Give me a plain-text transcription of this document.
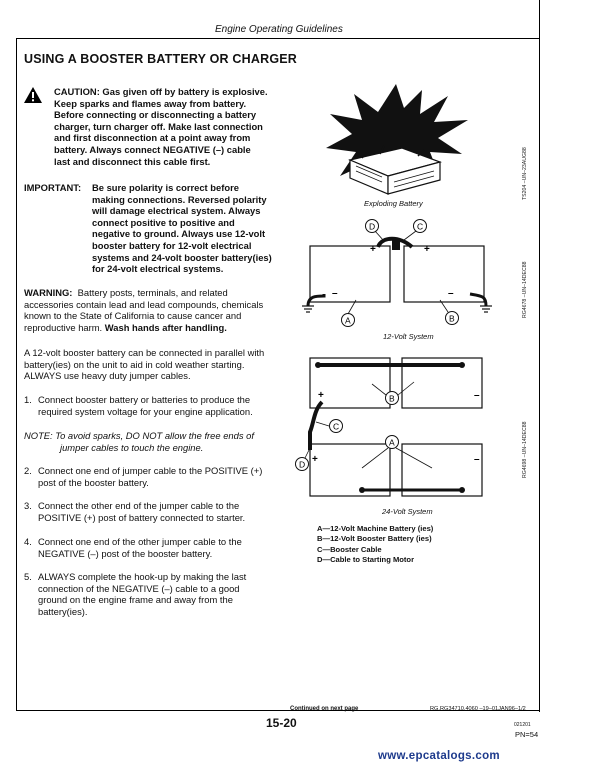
Engine Operating Guidelines
USING A BOOSTER BATTERY OR CHARGER
CAUTION: Gas given off by battery is explosive.
Keep sparks and flames away from battery.
Before connecting or disconnecting a battery
charger, turn charger off. Make last connection
and first disconnection at a point away from
battery. Always connect NEGATIVE (–) cable
last and disconnect this cable first.
IMPORTANT: Be sure polarity is correct before
making connections. Reversed polarity
will damage electrical system. Always
connect positive to positive and
negative to ground. Always use 12-volt
booster battery for 12-volt electrical
systems and 24-volt booster battery(ies)
for 24-volt electrical systems.
WARNING: Battery posts, terminals, and related
accessories contain lead and lead compounds, chemicals
known to the State of California to cause cancer and
reproductive harm. Wash hands after handling.
A 12-volt booster battery can be connected in parallel with
battery(ies) on the unit to aid in cold weather starting.
ALWAYS use heavy duty jumper cables.
1. Connect booster battery or batteries to produce the
required system voltage for your engine application.
NOTE: To avoid sparks, DO NOT allow the free ends of
jumper cables to touch the engine.
2. Connect one end of jumper cable to the POSITIVE (+)
post of the booster battery.
3. Connect the other end of the jumper cable to the
POSITIVE (+) post of battery connected to starter.
4. Connect one end of the other jumper cable to the
NEGATIVE (–) post of the booster battery.
5. ALWAYS complete the hook-up by making the last
connection of the NEGATIVE (–) cable to a good
ground on the engine frame and away from the
battery(ies).
Exploding Battery
+	+
–	–
D	C
A	B
12-Volt System
+
+
–
–
B
C
A
D
24-Volt System
TS204 –UN–23AUG88
RG4678 –UN–14DEC88
RG4698 –UN–14DEC88
A—12-Volt Machine Battery (ies)
B—12-Volt Booster Battery (ies)
C—Booster Cable
D—Cable to Starting Motor
Continued on next page	RG,RG34710,4060 –19–01JAN96–1/2
15-20	021201
PN=54
www.epcatalogs.com
